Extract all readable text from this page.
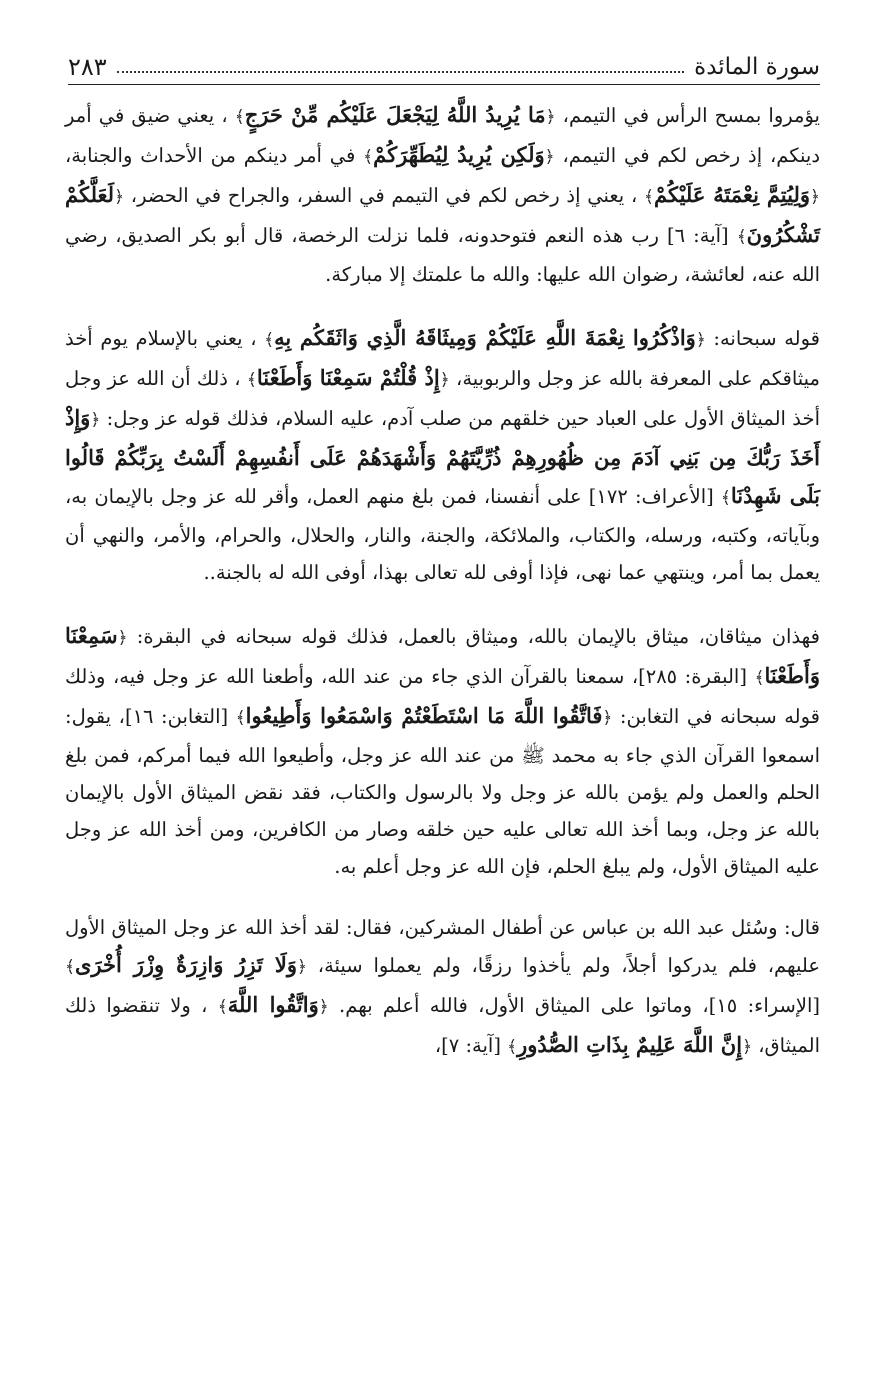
سورة المائدة
٢٨٣

يؤمروا بمسح الرأس في التيمم، ﴿مَا يُرِيدُ اللَّهُ لِيَجْعَلَ عَلَيْكُم مِّنْ حَرَجٍ﴾ ، يعني ضيق في أمر دينكم، إذ رخص لكم في التيمم، ﴿وَلَكِن يُرِيدُ لِيُطَهِّرَكُمْ﴾ في أمر دينكم من الأحداث والجنابة، ﴿وَلِيُتِمَّ نِعْمَتَهُ عَلَيْكُمْ﴾ ، يعني إذ رخص لكم في التيمم في السفر، والجراح في الحضر، ﴿لَعَلَّكُمْ تَشْكُرُونَ﴾ [آية: ٦] رب هذه النعم فتوحدونه، فلما نزلت الرخصة، قال أبو بكر الصديق، رضي الله عنه، لعائشة، رضوان الله عليها: والله ما علمتك إلا مباركة.

قوله سبحانه: ﴿وَاذْكُرُوا نِعْمَةَ اللَّهِ عَلَيْكُمْ وَمِيثَاقَهُ الَّذِي وَاثَقَكُم بِهِ﴾ ، يعني بالإسلام يوم أخذ ميثاقكم على المعرفة بالله عز وجل والربوبية، ﴿إِذْ قُلْتُمْ سَمِعْنَا وَأَطَعْنَا﴾ ، ذلك أن الله عز وجل أخذ الميثاق الأول على العباد حين خلقهم من صلب آدم، عليه السلام، فذلك قوله عز وجل: ﴿وَإِذْ أَخَذَ رَبُّكَ مِن بَنِي آدَمَ مِن ظُهُورِهِمْ ذُرِّيَّتَهُمْ وَأَشْهَدَهُمْ عَلَى أَنفُسِهِمْ أَلَسْتُ بِرَبِّكُمْ قَالُوا بَلَى شَهِدْنَا﴾ [الأعراف: ١٧٢] على أنفسنا، فمن بلغ منهم العمل، وأقر لله عز وجل بالإيمان به، وبآياته، وكتبه، ورسله، والكتاب، والملائكة، والجنة، والنار، والحلال، والحرام، والأمر، والنهي أن يعمل بما أمر، وينتهي عما نهى، فإذا أوفى لله تعالى بهذا، أوفى الله له بالجنة..

فهذان ميثاقان، ميثاق بالإيمان بالله، وميثاق بالعمل، فذلك قوله سبحانه في البقرة: ﴿سَمِعْنَا وَأَطَعْنَا﴾ [البقرة: ٢٨٥]، سمعنا بالقرآن الذي جاء من عند الله، وأطعنا الله عز وجل فيه، وذلك قوله سبحانه في التغابن: ﴿فَاتَّقُوا اللَّهَ مَا اسْتَطَعْتُمْ وَاسْمَعُوا وَأَطِيعُوا﴾ [التغابن: ١٦]، يقول: اسمعوا القرآن الذي جاء به محمد ﷺ من عند الله عز وجل، وأطيعوا الله فيما أمركم، فمن بلغ الحلم والعمل ولم يؤمن بالله عز وجل ولا بالرسول والكتاب، فقد نقض الميثاق الأول بالإيمان بالله عز وجل، وبما أخذ الله تعالى عليه حين خلقه وصار من الكافرين، ومن أخذ الله عز وجل عليه الميثاق الأول، ولم يبلغ الحلم، فإن الله عز وجل أعلم به.

قال: وسُئل عبد الله بن عباس عن أطفال المشركين، فقال: لقد أخذ الله عز وجل الميثاق الأول عليهم، فلم يدركوا أجلاً، ولم يأخذوا رزقًا، ولم يعملوا سيئة، ﴿وَلَا تَزِرُ وَازِرَةٌ وِزْرَ أُخْرَى﴾ [الإسراء: ١٥]، وماتوا على الميثاق الأول، فالله أعلم بهم. ﴿وَاتَّقُوا اللَّهَ﴾ ، ولا تنقضوا ذلك الميثاق، ﴿إِنَّ اللَّهَ عَلِيمٌ بِذَاتِ الصُّدُورِ﴾ [آية: ٧]،
